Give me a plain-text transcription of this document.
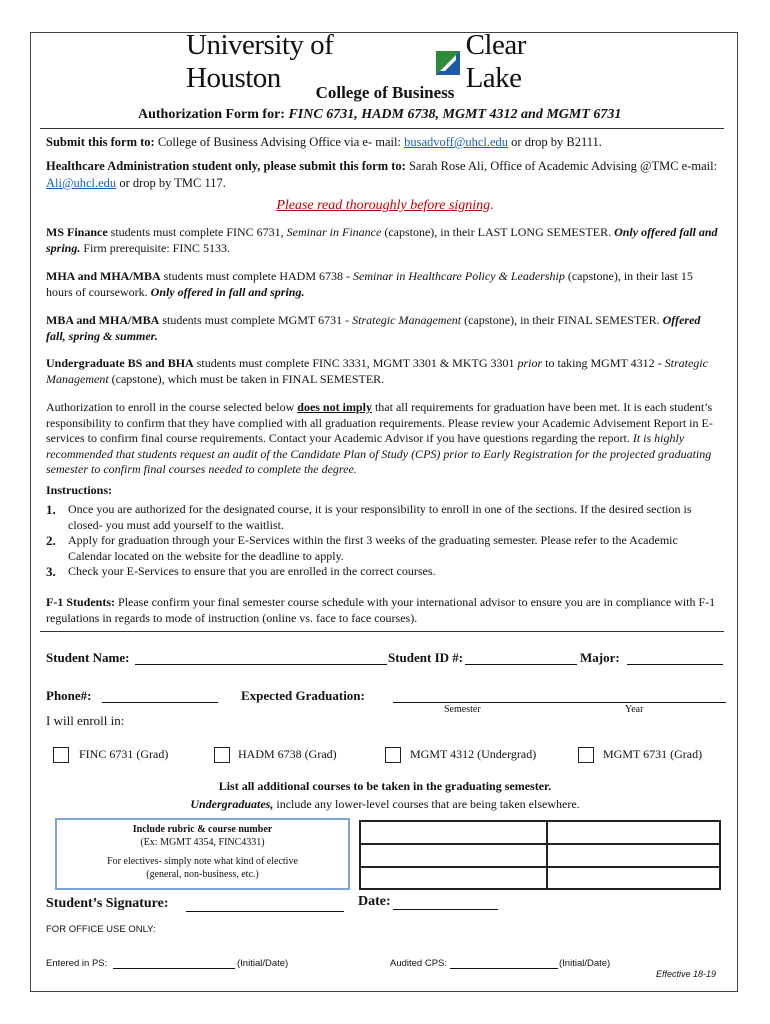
University of Houston
Clear Lake
College of Business
Authorization Form for: FINC 6731, HADM 6738, MGMT 4312 and MGMT 6731
Submit this form to: College of Business Advising Office via e- mail: busadvoff@uhcl.edu or drop by B2111.
Healthcare Administration student only, please submit this form to: Sarah Rose Ali, Office of Academic Advising @TMC e-mail: Ali@uhcl.edu or drop by TMC 117.
Please read thoroughly before signing.
MS Finance students must complete FINC 6731, Seminar in Finance (capstone), in their LAST LONG SEMESTER. Only offered fall and spring. Firm prerequisite: FINC 5133.
MHA and MHA/MBA students must complete HADM 6738 - Seminar in Healthcare Policy & Leadership (capstone), in their last 15 hours of coursework. Only offered in fall and spring.
MBA and MHA/MBA students must complete MGMT 6731 - Strategic Management (capstone), in their FINAL SEMESTER. Offered fall, spring & summer.
Undergraduate BS and BHA students must complete FINC 3331, MGMT 3301 & MKTG 3301 prior to taking MGMT 4312 - Strategic Management (capstone), which must be taken in FINAL SEMESTER.
Authorization to enroll in the course selected below does not imply that all requirements for graduation have been met. It is each student’s responsibility to confirm that they have complied with all graduation requirements. Please review your Academic Advisement Report in E-services to confirm final course requirements. Contact your Academic Advisor if you have questions regarding the report. It is highly recommended that students request an audit of the Candidate Plan of Study (CPS) prior to Early Registration for the projected graduating semester to confirm final courses needed to complete the degree.
Instructions:
1.	Once you are authorized for the designated course, it is your responsibility to enroll in one of the sections. If the desired section is closed- you must add yourself to the waitlist.
2.	Apply for graduation through your E-Services within the first 3 weeks of the graduating semester. Please refer to the Academic Calendar located on the website for the deadline to apply.
3.	Check your E-Services to ensure that you are enrolled in the correct courses.
F-1 Students: Please confirm your final semester course schedule with your international advisor to ensure you are in compliance with F-1 regulations in regards to mode of instruction (online vs. face to face courses).
Student Name:	Student ID #:	Major:
Phone#:	Expected Graduation:
Semester	Year
I will enroll in:
FINC 6731 (Grad)	HADM 6738 (Grad)	MGMT 4312 (Undergrad)	MGMT 6731 (Grad)
List all additional courses to be taken in the graduating semester.
Undergraduates, include any lower-level courses that are being taken elsewhere.
Include rubric & course number
(Ex: MGMT 4354, FINC4331)
For electives- simply note what kind of elective
(general, non-business, etc.)
Student’s Signature:	Date:
FOR OFFICE USE ONLY:
Entered in PS:	(Initial/Date)	Audited CPS:	(Initial/Date)
Effective 18-19
